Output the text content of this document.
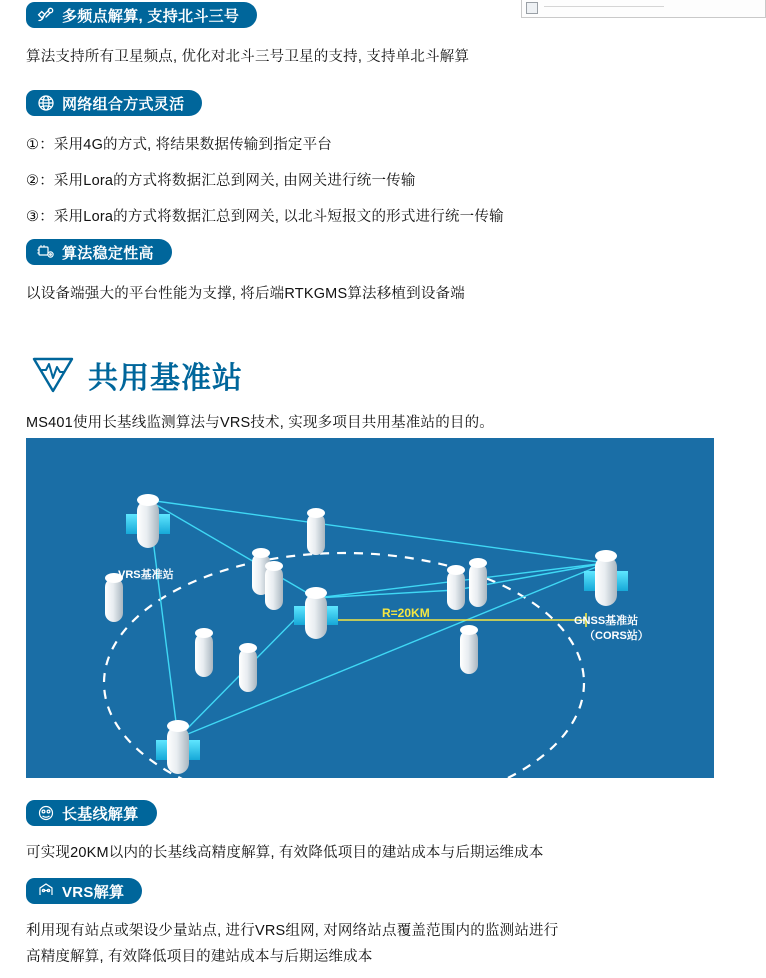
多频点解算, 支持北斗三号
算法支持所有卫星频点, 优化对北斗三号卫星的支持, 支持单北斗解算
网络组合方式灵活
①：采用4G的方式, 将结果数据传输到指定平台
②：采用Lora的方式将数据汇总到网关, 由网关进行统一传输
③：采用Lora的方式将数据汇总到网关, 以北斗短报文的形式进行统一传输
算法稳定性高
以设备端强大的平台性能为支撑, 将后端RTKGMS算法移植到设备端
共用基准站
MS401使用长基线监测算法与VRS技术, 实现多项目共用基准站的目的。
R=20KM
VRS基准站
GNSS基准站
（CORS站）
长基线解算
可实现20KM以内的长基线高精度解算, 有效降低项目的建站成本与后期运维成本
VRS解算
利用现有站点或架设少量站点, 进行VRS组网, 对网络站点覆盖范围内的监测站进行
高精度解算, 有效降低项目的建站成本与后期运维成本
